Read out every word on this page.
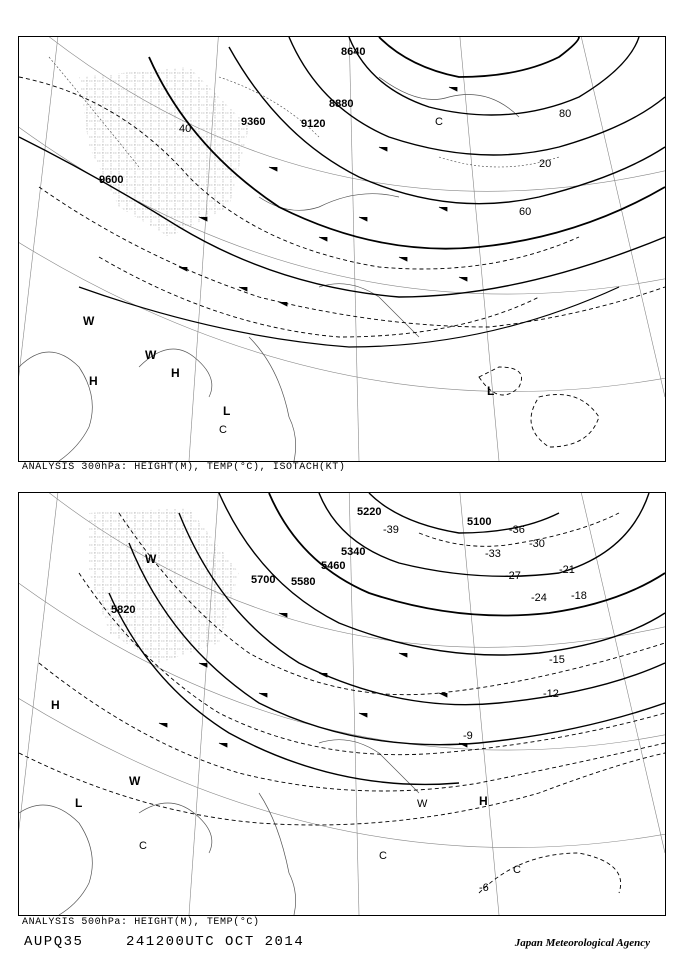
8640
8880
9120
9360
9600
20
40
60
80
W
W
H
H
L
L
C
C
ANALYSIS 300hPa: HEIGHT(M), TEMP(°C), ISOTACH(KT)
5100
5220
5340
5460
5580
5700
5820
-39	-36
-33
-30
-27
-24
-21
-18
-15
-12
-9
-6
W
W
H
H
L
C
C
C
W
ANALYSIS 500hPa: HEIGHT(M), TEMP(°C)
AUPQ35	241200UTC OCT 2014	Japan Meteorological Agency
